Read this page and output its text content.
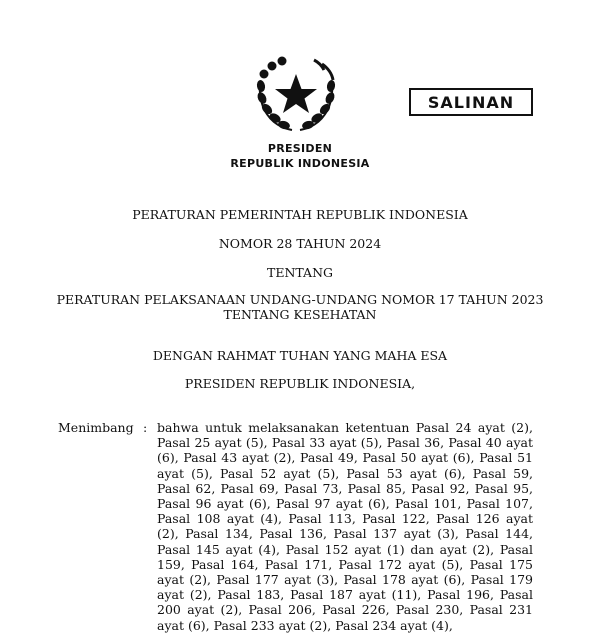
SALINAN
PRESIDEN
REPUBLIK INDONESIA
PERATURAN PEMERINTAH REPUBLIK INDONESIA
NOMOR 28 TAHUN 2024
TENTANG
PERATURAN PELAKSANAAN UNDANG-UNDANG NOMOR 17 TAHUN 2023
TENTANG KESEHATAN
DENGAN RAHMAT TUHAN YANG MAHA ESA
PRESIDEN REPUBLIK INDONESIA,
Menimbang : bahwa untuk melaksanakan ketentuan Pasal 24 ayat (2), Pasal 25 ayat (5), Pasal 33 ayat (5), Pasal 36, Pasal 40 ayat (6), Pasal 43 ayat (2), Pasal 49, Pasal 50 ayat (6), Pasal 51 ayat (5), Pasal 52 ayat (5), Pasal 53 ayat (6), Pasal 59, Pasal 62, Pasal 69, Pasal 73, Pasal 85, Pasal 92, Pasal 95, Pasal 96 ayat (6), Pasal 97 ayat (6), Pasal 101, Pasal 107, Pasal 108 ayat (4), Pasal 113, Pasal 122, Pasal 126 ayat (2), Pasal 134, Pasal 136, Pasal 137 ayat (3), Pasal 144, Pasal 145 ayat (4), Pasal 152 ayat (1) dan ayat (2), Pasal 159, Pasal 164, Pasal 171, Pasal 172 ayat (5), Pasal 175 ayat (2), Pasal 177 ayat (3), Pasal 178 ayat (6), Pasal 179 ayat (2), Pasal 183, Pasal 187 ayat (11), Pasal 196, Pasal 200 ayat (2), Pasal 206, Pasal 226, Pasal 230, Pasal 231 ayat (6), Pasal 233 ayat (2), Pasal 234 ayat (4),
